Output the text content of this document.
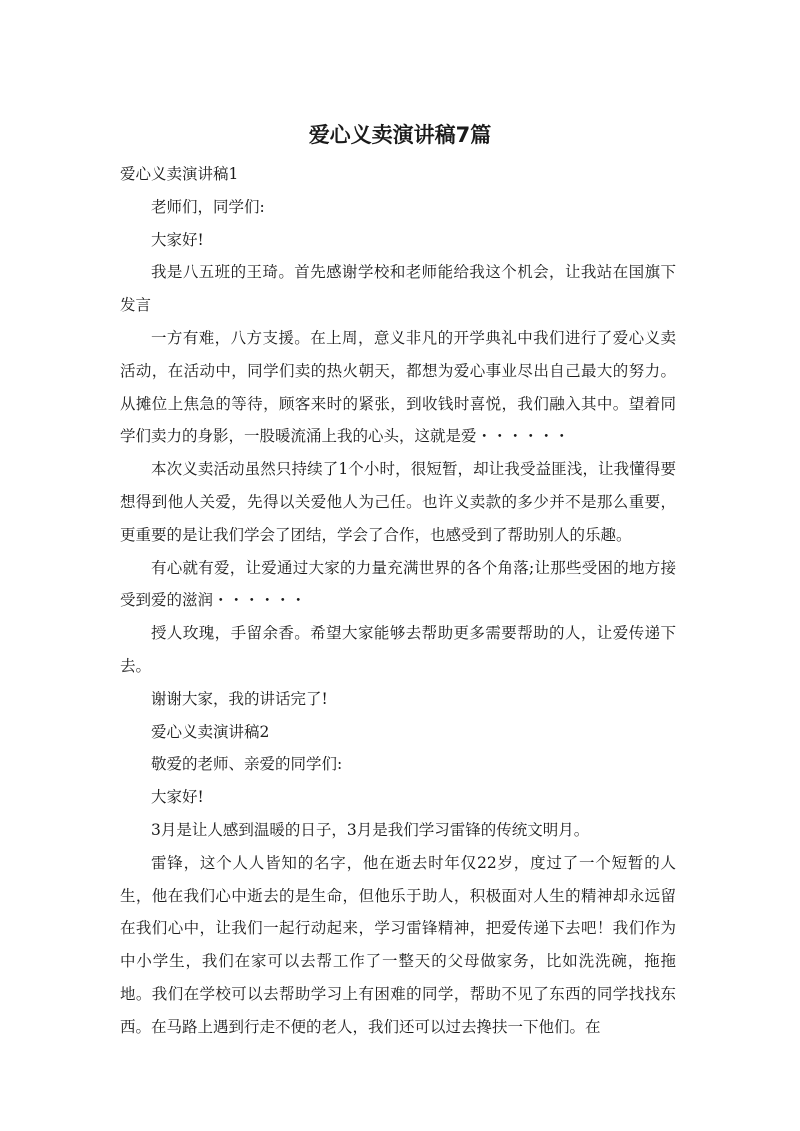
爱心义卖演讲稿7篇

爱心义卖演讲稿1

老师们，同学们:

大家好!

我是八五班的王琦。首先感谢学校和老师能给我这个机会，让我站在国旗下发言

一方有难，八方支援。在上周，意义非凡的开学典礼中我们进行了爱心义卖活动，在活动中，同学们卖的热火朝天，都想为爱心事业尽出自己最大的努力。从摊位上焦急的等待，顾客来时的紧张，到收钱时喜悦，我们融入其中。望着同学们卖力的身影，一股暖流涌上我的心头，这就是爱・・・・・・

本次义卖活动虽然只持续了1个小时，很短暂，却让我受益匪浅，让我懂得要想得到他人关爱，先得以关爱他人为己任。也许义卖款的多少并不是那么重要，更重要的是让我们学会了团结，学会了合作，也感受到了帮助别人的乐趣。

有心就有爱，让爱通过大家的力量充满世界的各个角落;让那些受困的地方接受到爱的滋润・・・・・・

授人玫瑰，手留余香。希望大家能够去帮助更多需要帮助的人，让爱传递下去。

谢谢大家，我的讲话完了!

爱心义卖演讲稿2

敬爱的老师、亲爱的同学们:

大家好!

3月是让人感到温暖的日子，3月是我们学习雷锋的传统文明月。

雷锋，这个人人皆知的名字，他在逝去时年仅22岁，度过了一个短暂的人生，他在我们心中逝去的是生命，但他乐于助人，积极面对人生的精神却永远留在我们心中，让我们一起行动起来，学习雷锋精神，把爱传递下去吧！我们作为中小学生，我们在家可以去帮工作了一整天的父母做家务，比如洗洗碗，拖拖地。我们在学校可以去帮助学习上有困难的同学，帮助不见了东西的同学找找东西。在马路上遇到行走不便的老人，我们还可以过去搀扶一下他们。在
